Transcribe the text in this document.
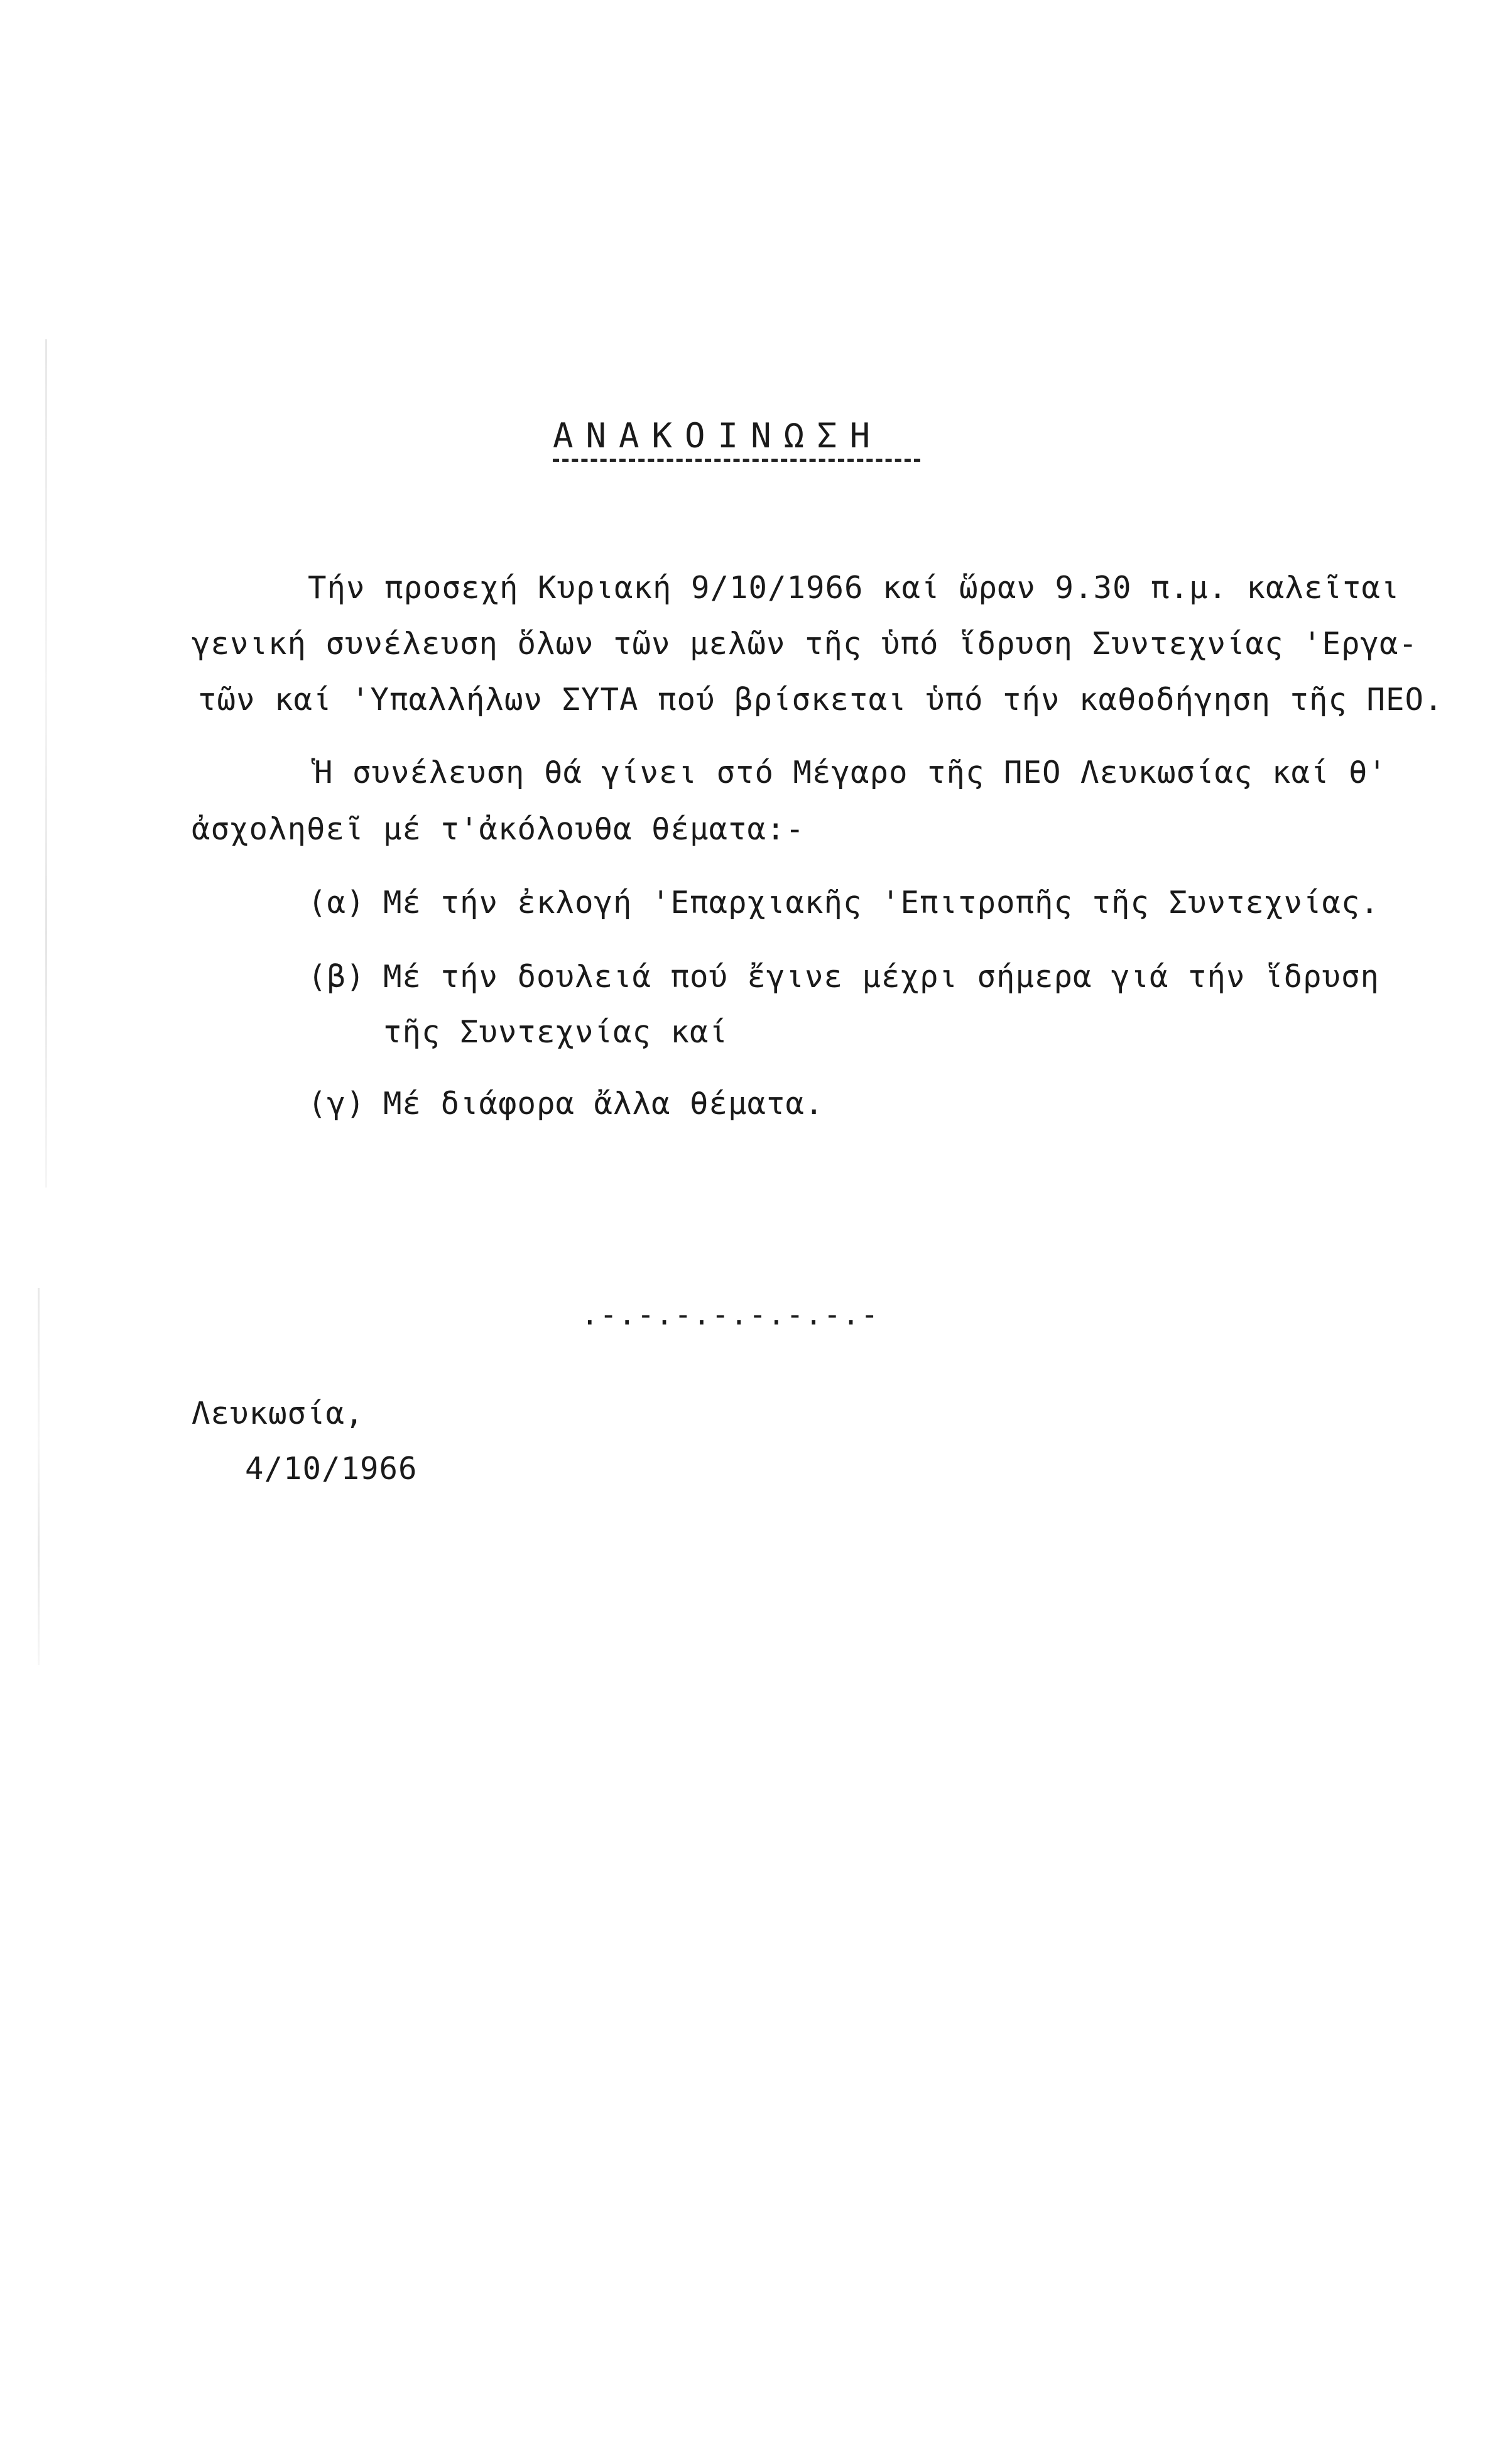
ΑΝΑΚΟΙΝΩΣΗ
Τήν προσεχή Κυριακή 9/10/1966 καί ὥραν 9.30 π.μ. καλεῖται
γενική συνέλευση ὅλων τῶν μελῶν τῆς ὑπό ἵδρυση Συντεχνίας 'Εργα-
τῶν καί 'Υπαλλήλων ΣΥΤΑ πού βρίσκεται ὑπό τήν καθοδήγηση τῆς ΠΕΟ.
Ἡ συνέλευση θά γίνει στό Μέγαρο τῆς ΠΕΟ Λευκωσίας καί θ'
ἀσχοληθεῖ μέ τ'ἀκόλουθα θέματα:-
(α) Μέ τήν ἐκλογή 'Επαρχιακῆς 'Επιτροπῆς τῆς Συντεχνίας.
(β) Μέ τήν δουλειά πού ἔγινε μέχρι σήμερα γιά τήν ἵδρυση
τῆς Συντεχνίας καί
(γ) Μέ διάφορα ἄλλα θέματα.
.-.-.-.-.-.-.-.-
Λευκωσία,
4/10/1966
